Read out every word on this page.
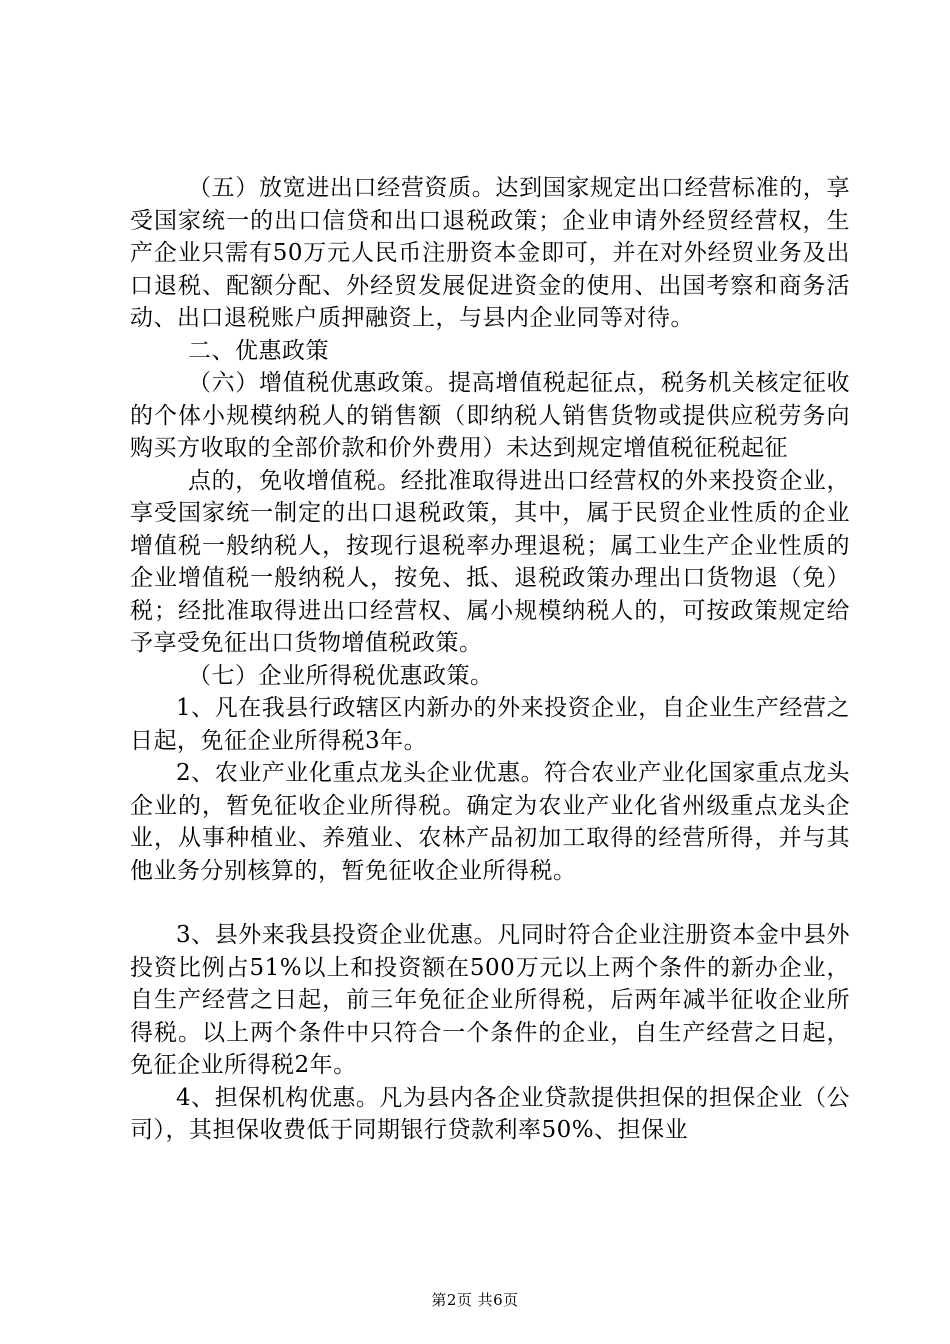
（五）放宽进出口经营资质。达到国家规定出口经营标准的，享受国家统一的出口信贷和出口退税政策；企业申请外经贸经营权，生产企业只需有50万元人民币注册资本金即可，并在对外经贸业务及出口退税、配额分配、外经贸发展促进资金的使用、出国考察和商务活动、出口退税账户质押融资上，与县内企业同等对待。

二、优惠政策

（六）增值税优惠政策。提高增值税起征点，税务机关核定征收的个体小规模纳税人的销售额（即纳税人销售货物或提供应税劳务向购买方收取的全部价款和价外费用）未达到规定增值税征税起征

点的，免收增值税。经批准取得进出口经营权的外来投资企业，享受国家统一制定的出口退税政策，其中，属于民贸企业性质的企业增值税一般纳税人，按现行退税率办理退税；属工业生产企业性质的企业增值税一般纳税人，按免、抵、退税政策办理出口货物退（免）税；经批准取得进出口经营权、属小规模纳税人的，可按政策规定给予享受免征出口货物增值税政策。

（七）企业所得税优惠政策。

1、凡在我县行政辖区内新办的外来投资企业，自企业生产经营之日起，免征企业所得税3年。

2、农业产业化重点龙头企业优惠。符合农业产业化国家重点龙头企业的，暂免征收企业所得税。确定为农业产业化省州级重点龙头企业，从事种植业、养殖业、农林产品初加工取得的经营所得，并与其他业务分别核算的，暂免征收企业所得税。

3、县外来我县投资企业优惠。凡同时符合企业注册资本金中县外投资比例占51%以上和投资额在500万元以上两个条件的新办企业，自生产经营之日起，前三年免征企业所得税，后两年减半征收企业所得税。以上两个条件中只符合一个条件的企业，自生产经营之日起，免征企业所得税2年。

4、担保机构优惠。凡为县内各企业贷款提供担保的担保企业（公司），其担保收费低于同期银行贷款利率50%、担保业

第2页 共6页
